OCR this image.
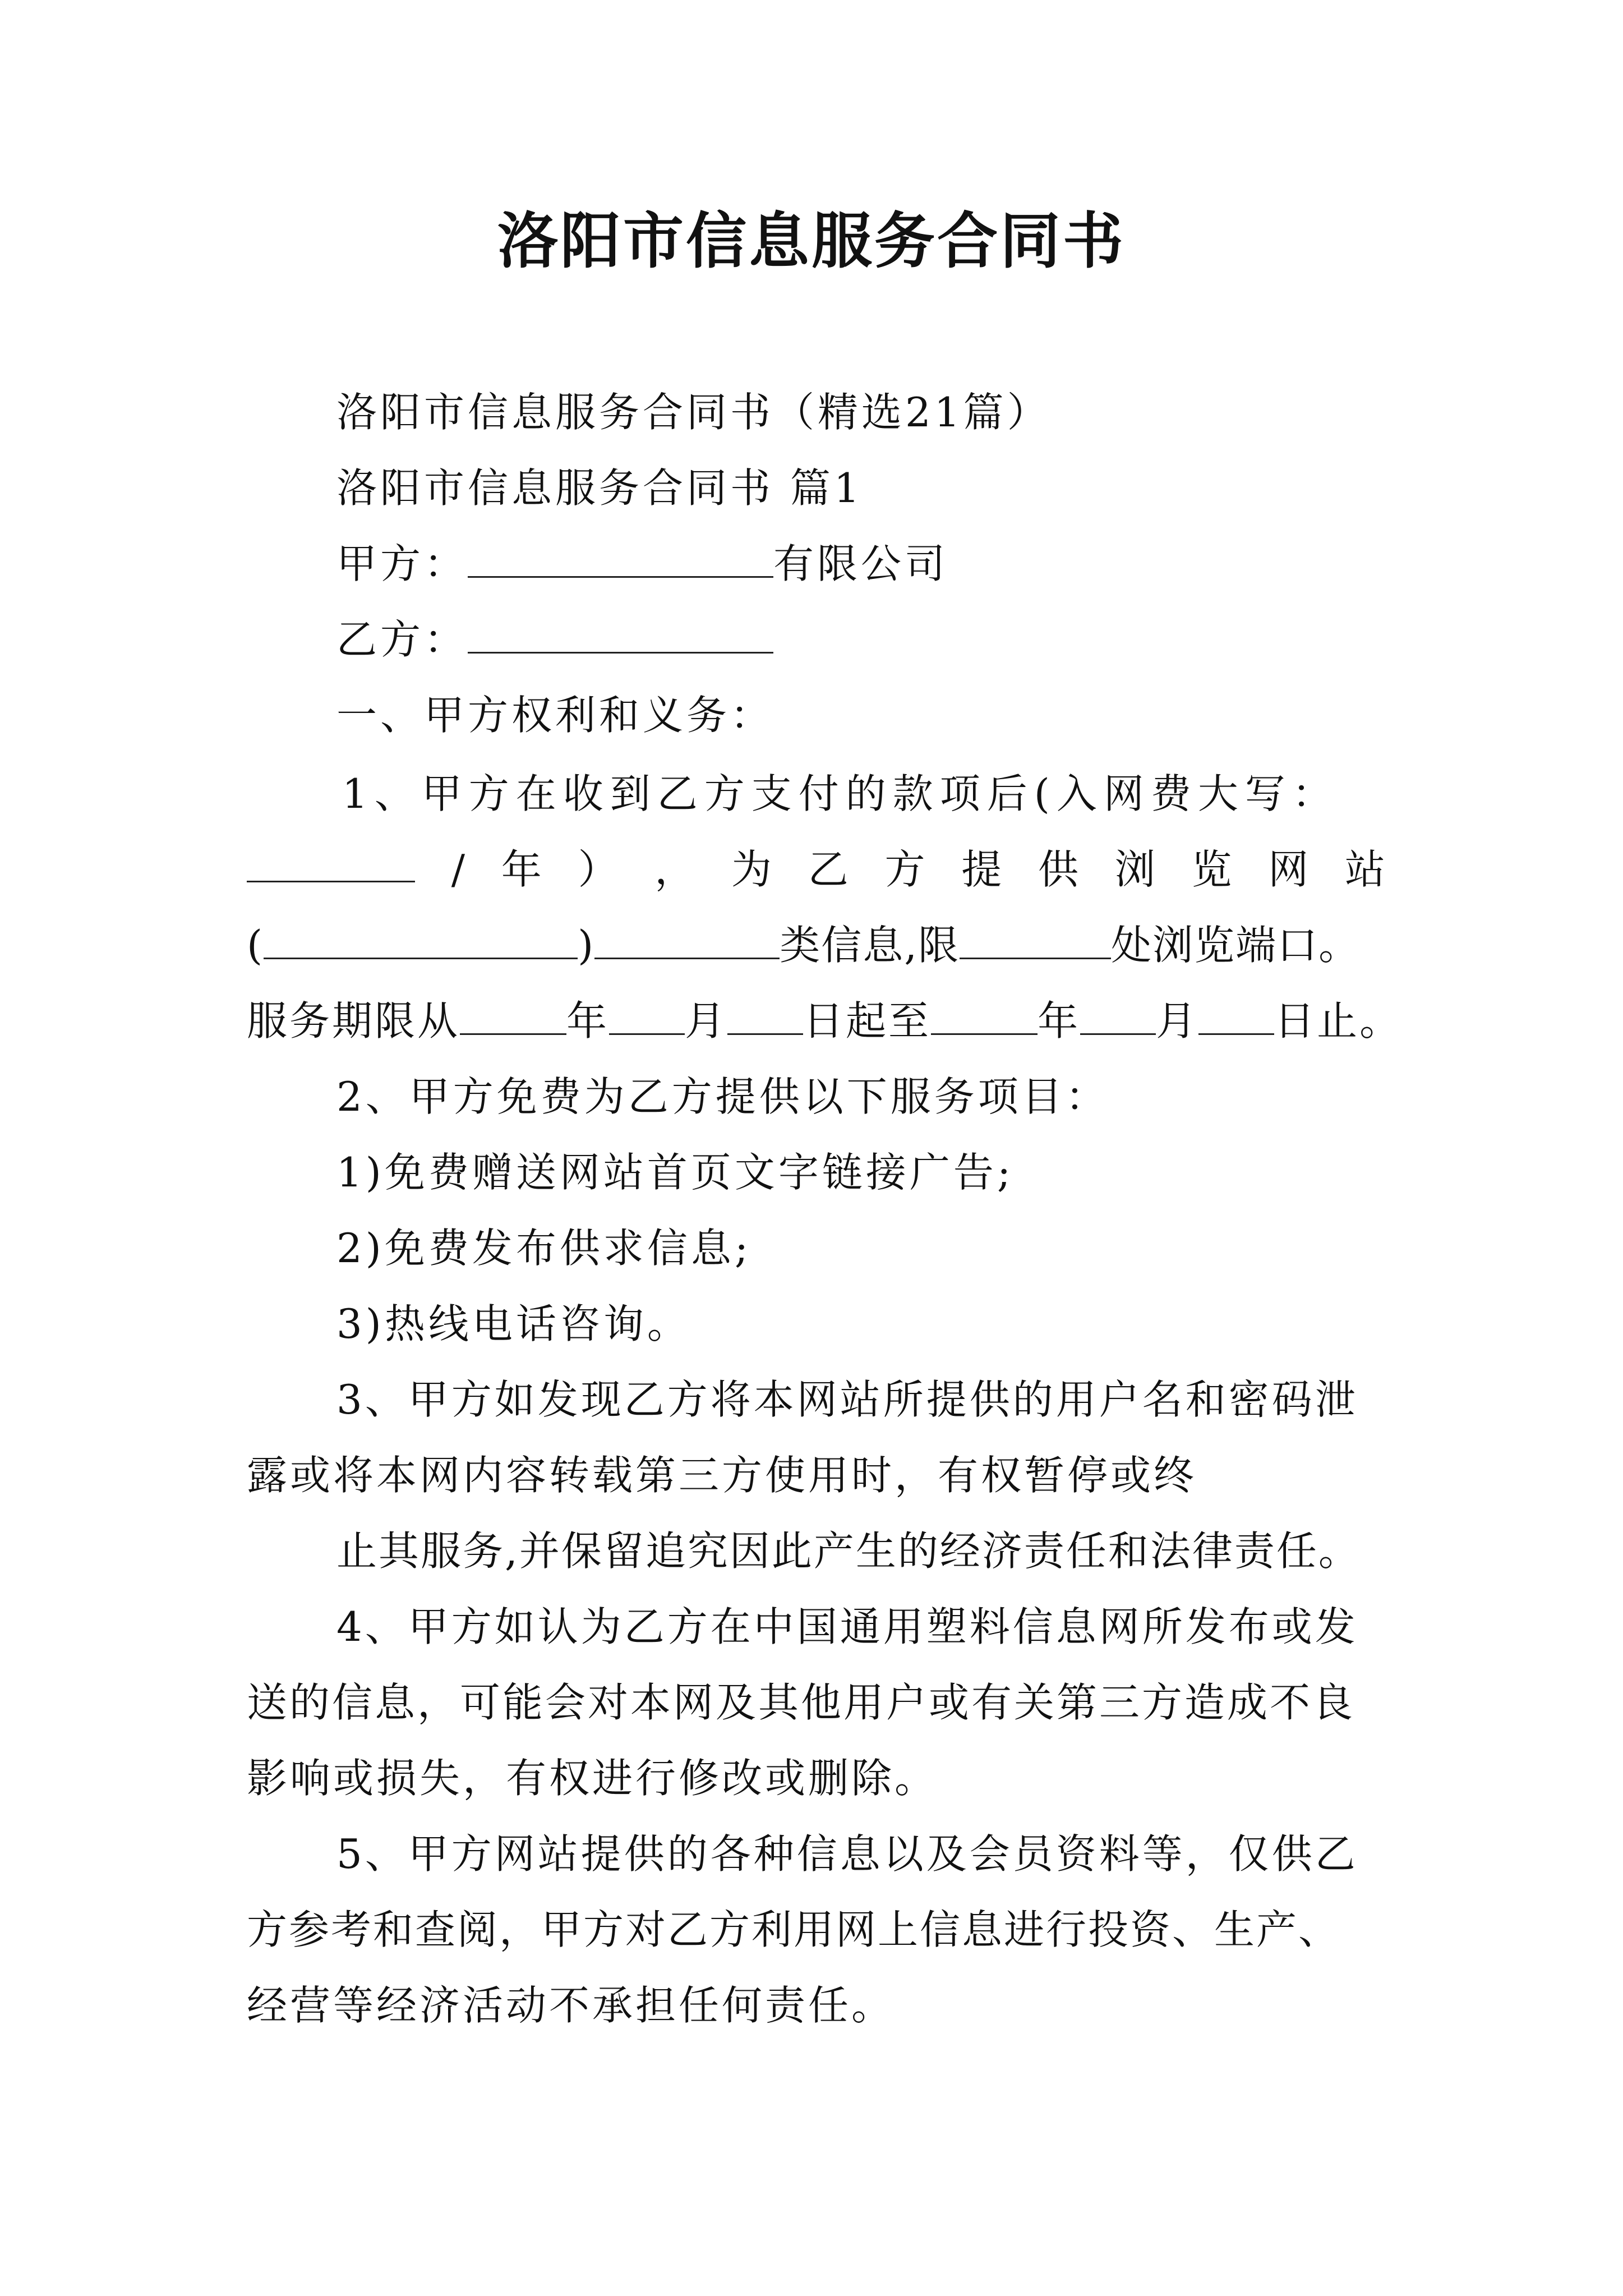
洛阳市信息服务合同书
洛阳市信息服务合同书（精选21篇）
洛阳市信息服务合同书 篇1
甲方：	有限公司
乙方：
一、甲方权利和义务：
1、甲方在收到乙方支付的款项后(入网费大写：
/ 年 ） ， 为 乙 方 提 供 浏 览 网 站
(	)	类信息,限	处浏览端口。
服务期限从	年 月 日起至	年 月 日止。
2、甲方免费为乙方提供以下服务项目：
1)免费赠送网站首页文字链接广告;
2)免费发布供求信息;
3)热线电话咨询。
3、甲方如发现乙方将本网站所提供的用户名和密码泄
露或将本网内容转载第三方使用时，有权暂停或终
止其服务,并保留追究因此产生的经济责任和法律责任。
4、甲方如认为乙方在中国通用塑料信息网所发布或发
送的信息，可能会对本网及其他用户或有关第三方造成不良
影响或损失，有权进行修改或删除。
5、甲方网站提供的各种信息以及会员资料等，仅供乙
方参考和查阅，甲方对乙方利用网上信息进行投资、生产、
经营等经济活动不承担任何责任。
